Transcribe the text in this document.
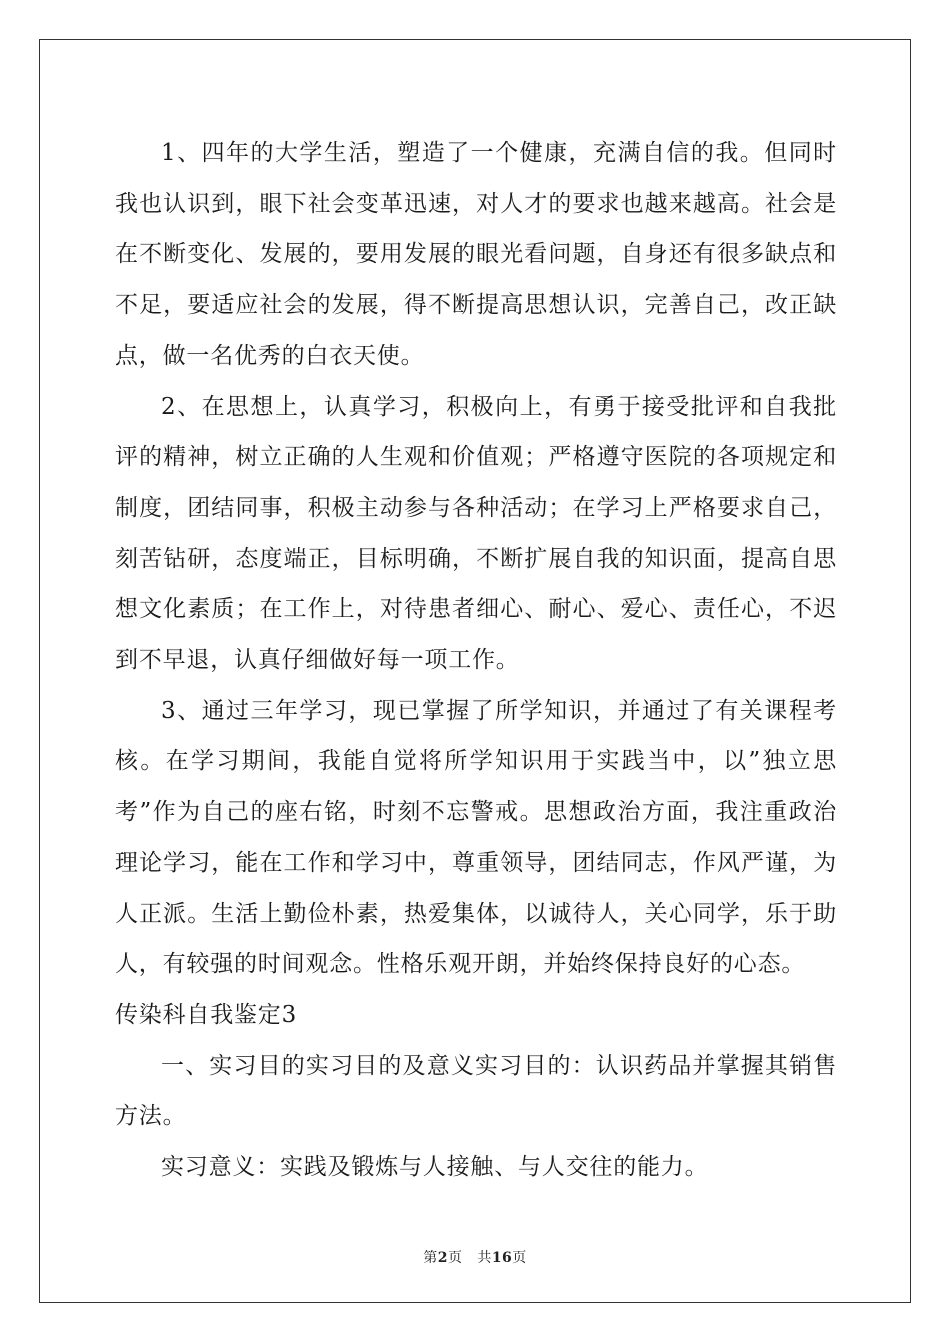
1、四年的大学生活，塑造了一个健康，充满自信的我。但同时我也认识到，眼下社会变革迅速，对人才的要求也越来越高。社会是在不断变化、发展的，要用发展的眼光看问题，自身还有很多缺点和不足，要适应社会的发展，得不断提高思想认识，完善自己，改正缺点，做一名优秀的白衣天使。

2、在思想上，认真学习，积极向上，有勇于接受批评和自我批评的精神，树立正确的人生观和价值观；严格遵守医院的各项规定和制度，团结同事，积极主动参与各种活动；在学习上严格要求自己，刻苦钻研，态度端正，目标明确，不断扩展自我的知识面，提高自思想文化素质；在工作上，对待患者细心、耐心、爱心、责任心，不迟到不早退，认真仔细做好每一项工作。

3、通过三年学习，现已掌握了所学知识，并通过了有关课程考核。在学习期间，我能自觉将所学知识用于实践当中，以”独立思考”作为自己的座右铭，时刻不忘警戒。思想政治方面，我注重政治理论学习，能在工作和学习中，尊重领导，团结同志，作风严谨，为人正派。生活上勤俭朴素，热爱集体，以诚待人，关心同学，乐于助人，有较强的时间观念。性格乐观开朗，并始终保持良好的心态。

传染科自我鉴定3

一、实习目的实习目的及意义实习目的：认识药品并掌握其销售方法。

实习意义：实践及锻炼与人接触、与人交往的能力。

第2页 共16页
